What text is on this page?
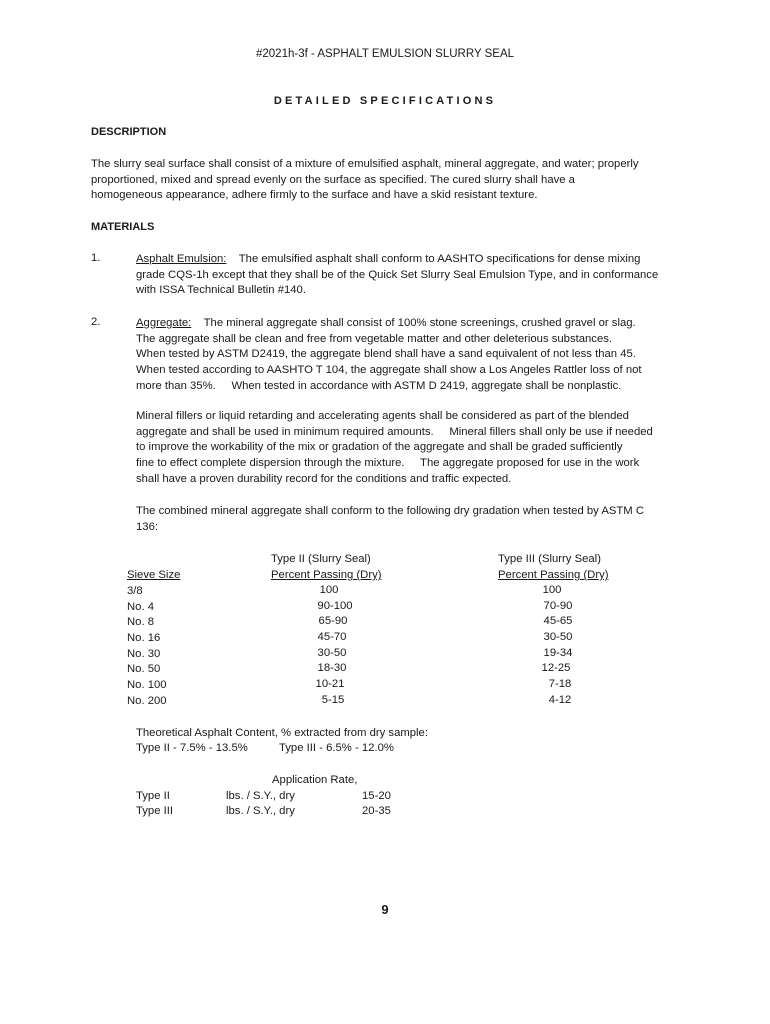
#2021h-3f - ASPHALT EMULSION SLURRY SEAL
DETAILED SPECIFICATIONS
DESCRIPTION
The slurry seal surface shall consist of a mixture of emulsified asphalt, mineral aggregate, and water; properly
proportioned, mixed and spread evenly on the surface as specified. The cured slurry shall have a
homogeneous appearance, adhere firmly to the surface and have a skid resistant texture.
MATERIALS
1.	Asphalt Emulsion:    The emulsified asphalt shall conform to AASHTO specifications for dense mixing
grade CQS-1h except that they shall be of the Quick Set Slurry Seal Emulsion Type, and in conformance
with ISSA Technical Bulletin #140.
2.	Aggregate:    The mineral aggregate shall consist of 100% stone screenings, crushed gravel or slag.
The aggregate shall be clean and free from vegetable matter and other deleterious substances.
When tested by ASTM D2419, the aggregate blend shall have a sand equivalent of not less than 45.
When tested according to AASHTO T 104, the aggregate shall show a Los Angeles Rattler loss of not
more than 35%.     When tested in accordance with ASTM D 2419, aggregate shall be nonplastic.
Mineral fillers or liquid retarding and accelerating agents shall be considered as part of the blended
aggregate and shall be used in minimum required amounts.     Mineral fillers shall only be use if needed
to improve the workability of the mix or gradation of the aggregate and shall be graded sufficiently
fine to effect complete dispersion through the mixture.     The aggregate proposed for use in the work
shall have a proven durability record for the conditions and traffic expected.
The combined mineral aggregate shall conform to the following dry gradation when tested by ASTM C
136:
Type II (Slurry Seal)	Type III (Slurry Seal)
Sieve Size	Percent Passing (Dry)	Percent Passing (Dry)
3/8	100	100
No. 4	90-100	70-90
No. 8	65-90	45-65
No. 16	45-70	30-50
No. 30	30-50	19-34
No. 50	18-30	12-25
No. 100	10-21	7-18
No. 200	5-15	4-12
Theoretical Asphalt Content, % extracted from dry sample:
Type II - 7.5% - 13.5%	Type III - 6.5% - 12.0%
Application Rate,
Type II	lbs. / S.Y., dry	15-20
Type III	lbs. / S.Y., dry	20-35
9
